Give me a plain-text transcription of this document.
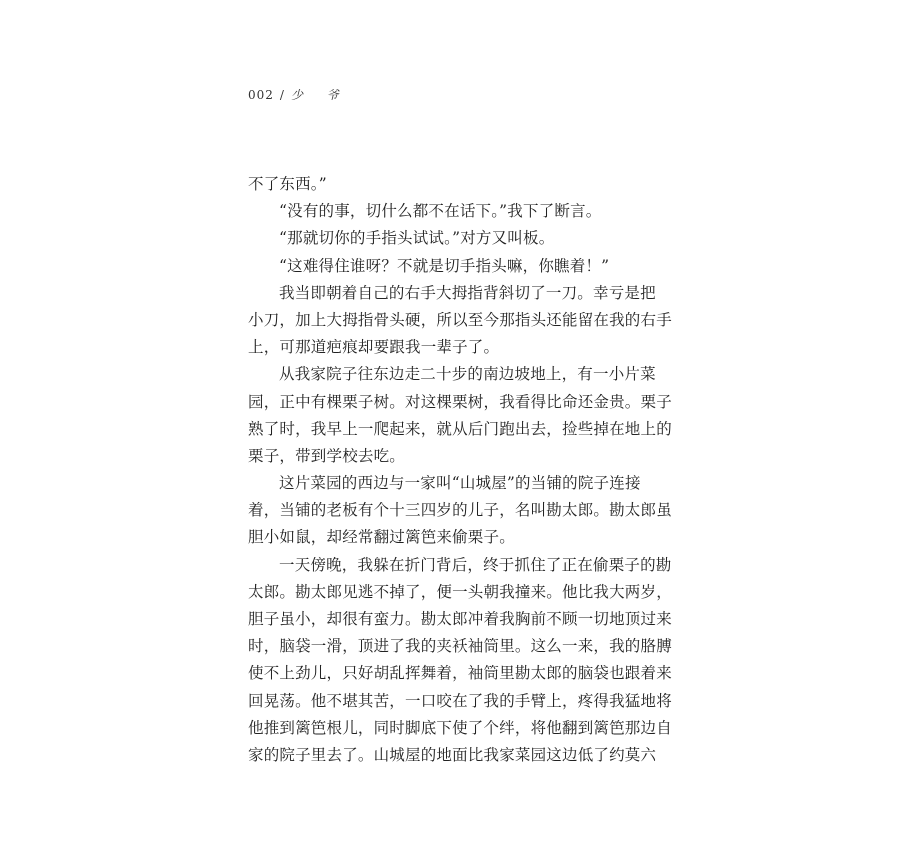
002 / 少 爷
不了东西。”
“没有的事，切什么都不在话下。”我下了断言。
“那就切你的手指头试试。”对方又叫板。
“这难得住谁呀？不就是切手指头嘛，你瞧着！”
我当即朝着自己的右手大拇指背斜切了一刀。幸亏是把
小刀，加上大拇指骨头硬，所以至今那指头还能留在我的右手
上，可那道疤痕却要跟我一辈子了。
从我家院子往东边走二十步的南边坡地上，有一小片菜
园，正中有棵栗子树。对这棵栗树，我看得比命还金贵。栗子
熟了时，我早上一爬起来，就从后门跑出去，捡些掉在地上的
栗子，带到学校去吃。
这片菜园的西边与一家叫“山城屋”的当铺的院子连接
着，当铺的老板有个十三四岁的儿子，名叫勘太郎。勘太郎虽
胆小如鼠，却经常翻过篱笆来偷栗子。
一天傍晚，我躲在折门背后，终于抓住了正在偷栗子的勘
太郎。勘太郎见逃不掉了，便一头朝我撞来。他比我大两岁，
胆子虽小，却很有蛮力。勘太郎冲着我胸前不顾一切地顶过来
时，脑袋一滑，顶进了我的夹袄袖筒里。这么一来，我的胳膊
使不上劲儿，只好胡乱挥舞着，袖筒里勘太郎的脑袋也跟着来
回晃荡。他不堪其苦，一口咬在了我的手臂上，疼得我猛地将
他推到篱笆根儿，同时脚底下使了个绊，将他翻到篱笆那边自
家的院子里去了。山城屋的地面比我家菜园这边低了约莫六
